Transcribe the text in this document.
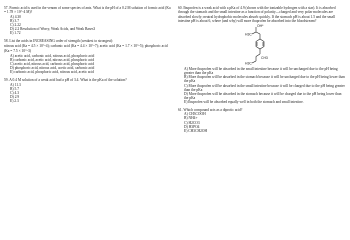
57. Formic acid is used in the venom of some species of ants. What is the pH of a 0.2 M solution of formic acid (Ka = 1.78 × 10^-4 M)?
A) 4.30
B) 3.7
C) 2.22
D) 2.2 Resolution of Worry, Weak Acids, and Weak Bases3
E) 1.72
58. List the acids in INCREASING order of strength (weakest to strongest):
nitrous acid (Ka = 4.5 × 10^-4); carbonic acid (Ka = 4.4 × 10^-7); acetic acid (Ka = 1.7 × 10^-5); phosphoric acid (Ka = 7.5 × 10^-3)
A) acetic acid, carbonic acid, nitrous acid, phosphoric acid
B) carbonic acid, acetic acid, nitrous acid, phosphoric acid
C) acetic acid, nitrous acid, carbonic acid, phosphoric acid
D) phosphoric acid, nitrous acid, acetic acid, carbonic acid
E) carbonic acid, phosphoric acid, nitrous acid, acetic acid
59. A 0.4 M solution of a weak acid had a pH of 3.4. What is the pKa of the solution?
A) 11.3
B) 5.7
C) 4.3
D) 2.9
E) 2.3
60. Ibuprofen is a weak acid with a pKa of 4.9 (shown with the ionizable hydrogen with a star). It is absorbed through the stomach and the small intestine as a function of polarity—charged and very polar molecules are absorbed slowly; neutral hydrophobic molecules absorb quickly. If the stomach pH is about 1.5 and the small intestine pH is about 6, where (and why) will more ibuprofen be absorbed into the bloodstream?
OH*
H3C
CH3
H3C
A) More ibuprofen will be absorbed in the small intestine because it will be uncharged due to the pH being greater than the pKa
B) More ibuprofen will be absorbed in the stomach because it will be uncharged due to the pH being lower than the pKa
C) More ibuprofen will be absorbed in the small intestine because it will be charged due to the pH being greater than the pKa
D) More ibuprofen will be absorbed in the stomach because it will be charged due to the pH being lower than the pKa
E) Ibuprofen will be absorbed equally well in both the stomach and small intestine.
61. Which compound acts as a diprotic acid?
A) CH3COOH
B) NH4+
C) H2CO3
D) H3PO4
E) CH3CH2OH
